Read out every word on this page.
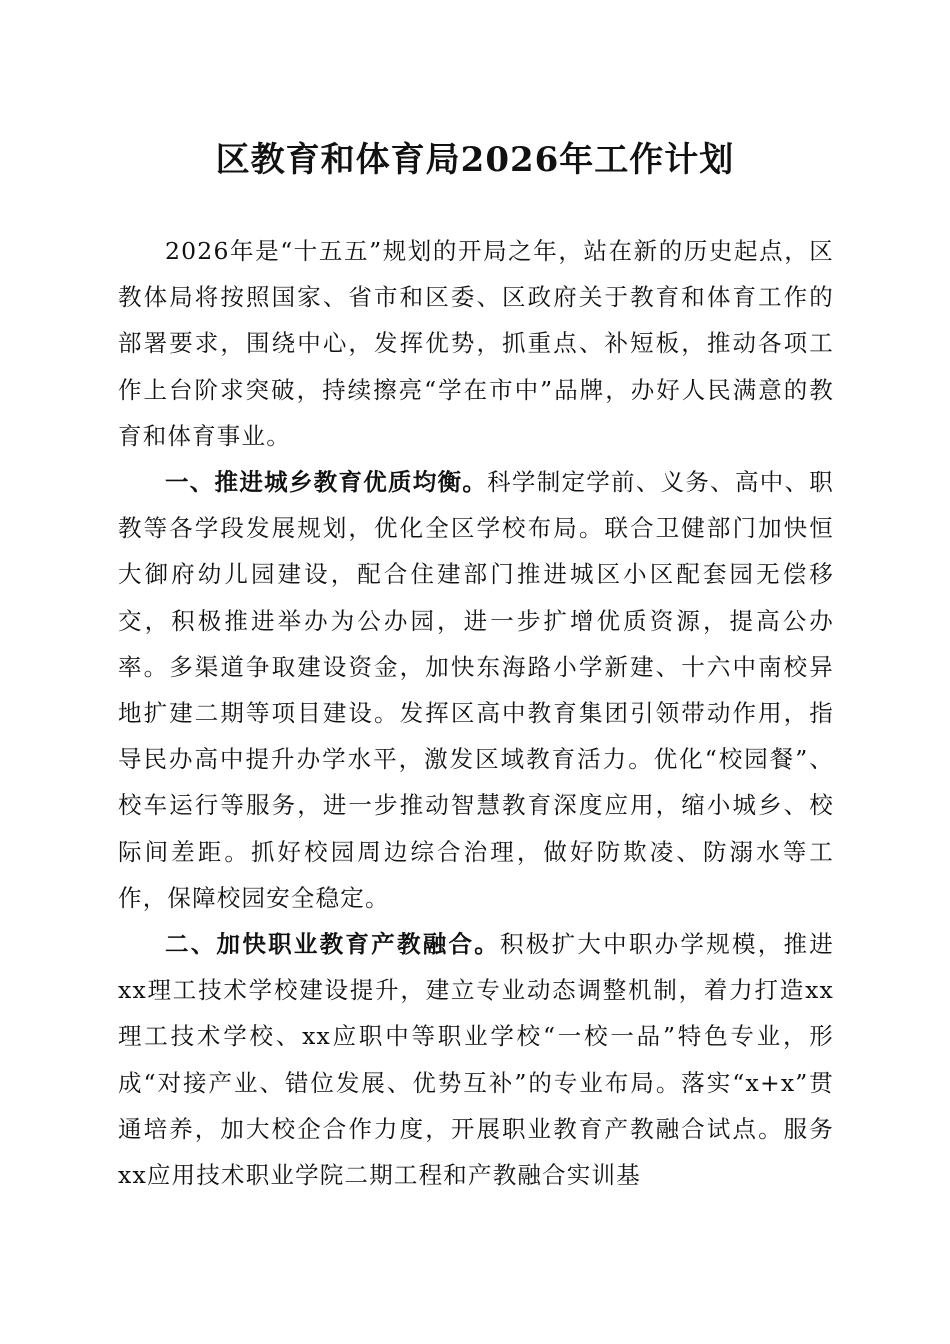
区教育和体育局2026年工作计划

2026年是“十五五”规划的开局之年，站在新的历史起点，区教体局将按照国家、省市和区委、区政府关于教育和体育工作的部署要求，围绕中心，发挥优势，抓重点、补短板，推动各项工作上台阶求突破，持续擦亮“学在市中”品牌，办好人民满意的教育和体育事业。

一、推进城乡教育优质均衡。科学制定学前、义务、高中、职教等各学段发展规划，优化全区学校布局。联合卫健部门加快恒大御府幼儿园建设，配合住建部门推进城区小区配套园无偿移交，积极推进举办为公办园，进一步扩增优质资源，提高公办率。多渠道争取建设资金，加快东海路小学新建、十六中南校异地扩建二期等项目建设。发挥区高中教育集团引领带动作用，指导民办高中提升办学水平，激发区域教育活力。优化“校园餐”、校车运行等服务，进一步推动智慧教育深度应用，缩小城乡、校际间差距。抓好校园周边综合治理，做好防欺凌、防溺水等工作，保障校园安全稳定。

二、加快职业教育产教融合。积极扩大中职办学规模，推进xx理工技术学校建设提升，建立专业动态调整机制，着力打造xx理工技术学校、xx应职中等职业学校“一校一品”特色专业，形成“对接产业、错位发展、优势互补”的专业布局。落实“x+x”贯通培养，加大校企合作力度，开展职业教育产教融合试点。服务xx应用技术职业学院二期工程和产教融合实训基
